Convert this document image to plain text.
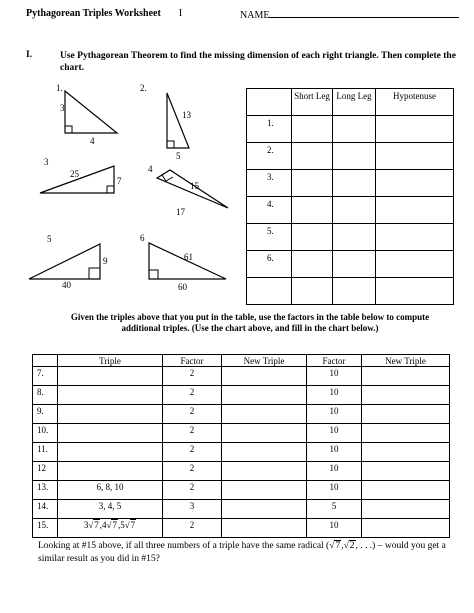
Pythagorean Triples Worksheet I	NAME
I.	Use Pythagorean Theorem to find the missing dimension of each right triangle. Then complete the chart.
1.
3
4
2.
13
5
3
25
7
4
15
17
5
9
40
6
61
60
	Short Leg	Long Leg	Hypotenuse
1.			
2.			
3.			
4.			
5.			
6.			

Given the triples above that you put in the table, use the factors in the table below to compute
additional triples. (Use the chart above, and fill in the chart below.)
	Triple	Factor	New Triple	Factor	New Triple
7.		2		10	
8.		2		10	
9.		2		10	
10.		2		10	
11.		2		10	
12		2		10	
13.	6, 8, 10	2		10	
14.	3, 4, 5	3		5	
15.	3√7,4√7,5√7	2		10	
Looking at #15 above, if all three numbers of a triple have the same radical (√7,√2, . . .) – would you get a similar result as you did in #15?
